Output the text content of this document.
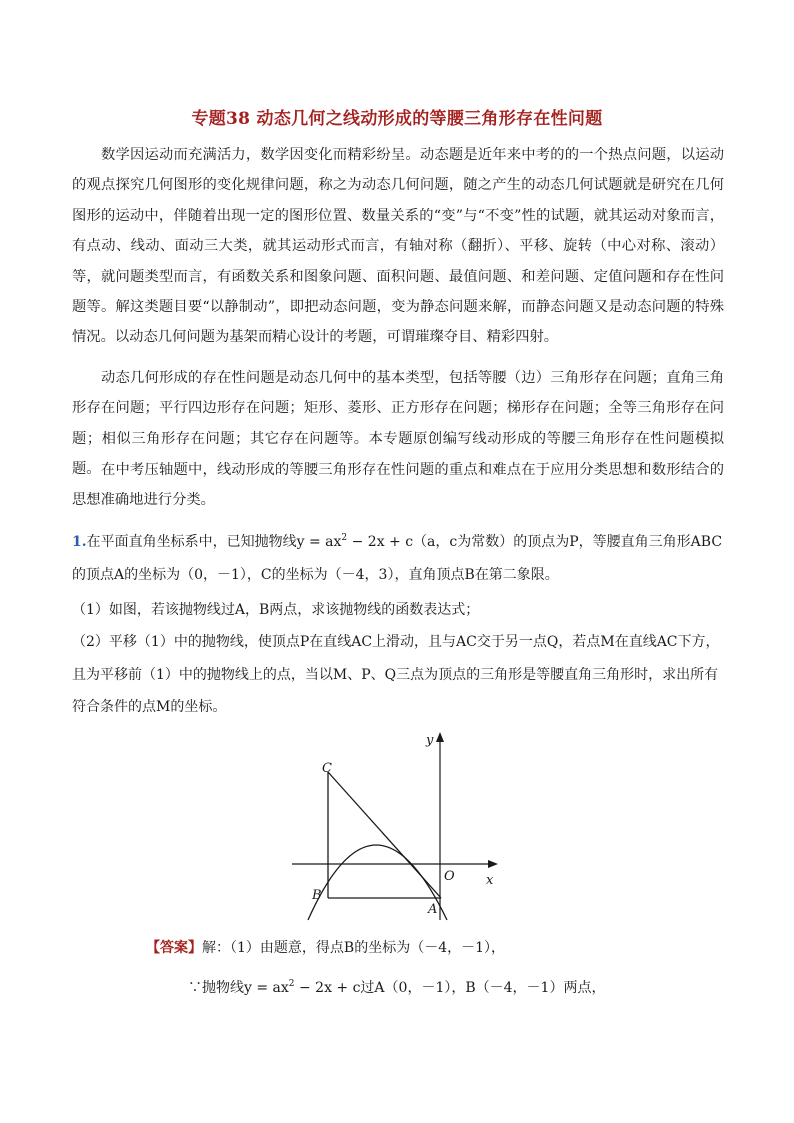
专题38 动态几何之线动形成的等腰三角形存在性问题

数学因运动而充满活力，数学因变化而精彩纷呈。动态题是近年来中考的的一个热点问题，以运动的观点探究几何图形的变化规律问题，称之为动态几何问题，随之产生的动态几何试题就是研究在几何图形的运动中，伴随着出现一定的图形位置、数量关系的“变”与“不变”性的试题，就其运动对象而言，有点动、线动、面动三大类，就其运动形式而言，有轴对称（翻折）、平移、旋转（中心对称、滚动）等，就问题类型而言，有函数关系和图象问题、面积问题、最值问题、和差问题、定值问题和存在性问题等。解这类题目要“以静制动”，即把动态问题，变为静态问题来解，而静态问题又是动态问题的特殊情况。以动态几何问题为基架而精心设计的考题，可谓璀璨夺目、精彩四射。

动态几何形成的存在性问题是动态几何中的基本类型，包括等腰（边）三角形存在问题；直角三角形存在问题；平行四边形存在问题；矩形、菱形、正方形存在问题；梯形存在问题；全等三角形存在问题；相似三角形存在问题；其它存在问题等。本专题原创编写线动形成的等腰三角形存在性问题模拟题。 在中考压轴题中，线动形成的等腰三角形存在性问题的重点和难点在于应用分类思想和数形结合的思想准确地进行分类。

1.在平面直角坐标系中，已知抛物线$y = ax^2 - 2x + c(a$，c为常数）的顶点为P，等腰直角三角形ABC的顶点A的坐标为（0，－1），C的坐标为（－4，3），直角顶点B在第二象限。

（1）如图，若该抛物线过A，B两点，求该抛物线的函数表达式；

（2）平移（1）中的抛物线，使顶点P在直线AC上滑动，且与AC交于另一点Q，若点M在直线AC下方，且为平移前（1）中的抛物线上的点，当以M、P、Q三点为顶点的三角形是等腰直角三角形时，求出所有符合条件的点M的坐标。

y
x
O
A
B
C

【答案】解：（1）由题意，得点B的坐标为（－4，－1），

∵抛物线$y = ax^2 - 2x + c$过A（0，－1），B（－4，－1）两点，
